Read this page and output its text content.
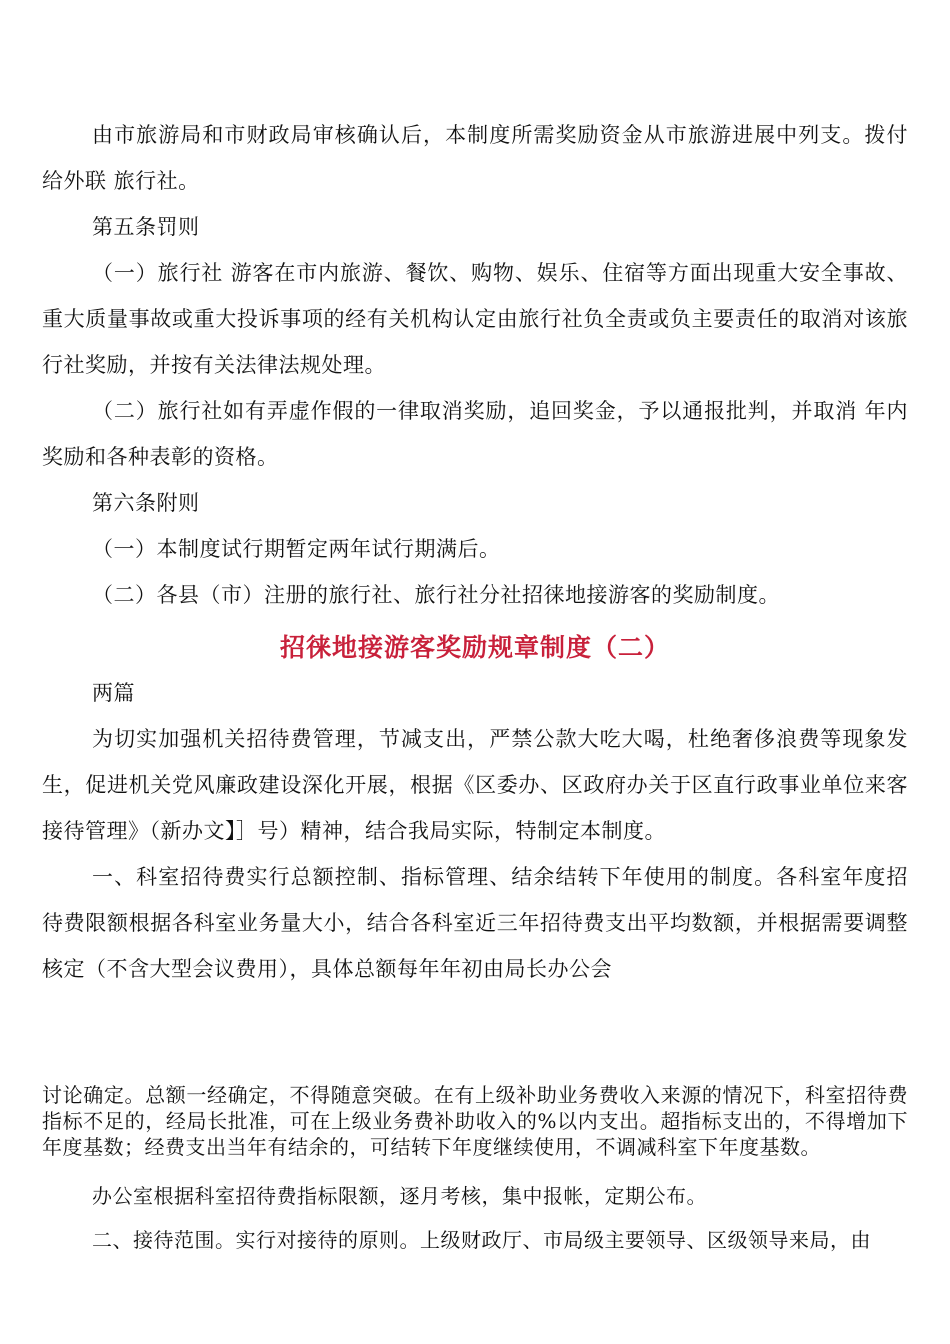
由市旅游局和市财政局审核确认后，本制度所需奖励资金从市旅游进展中列支。拨付给外联 旅行社。

第五条罚则

（一）旅行社 游客在市内旅游、餐饮、购物、娱乐、住宿等方面出现重大安全事故、重大质量事故或重大投诉事项的经有关机构认定由旅行社负全责或负主要责任的取消对该旅行社奖励，并按有关法律法规处理。

（二）旅行社如有弄虚作假的一律取消奖励，追回奖金，予以通报批判，并取消 年内奖励和各种表彰的资格。

第六条附则

（一）本制度试行期暂定两年试行期满后。

（二）各县（市）注册的旅行社、旅行社分社招徕地接游客的奖励制度。

招徕地接游客奖励规章制度（二）

两篇

为切实加强机关招待费管理，节减支出，严禁公款大吃大喝，杜绝奢侈浪费等现象发生，促进机关党风廉政建设深化开展，根据《区委办、区政府办关于区直行政事业单位来客接待管理》（新办文】］号）精神，结合我局实际，特制定本制度。

一、科室招待费实行总额控制、指标管理、结余结转下年使用的制度。各科室年度招待费限额根据各科室业务量大小，结合各科室近三年招待费支出平均数额，并根据需要调整核定（不含大型会议费用），具体总额每年年初由局长办公会

讨论确定。总额一经确定，不得随意突破。在有上级补助业务费收入来源的情况下，科室招待费指标不足的，经局长批准，可在上级业务费补助收入的%以内支出。超指标支出的，不得增加下年度基数；经费支出当年有结余的，可结转下年度继续使用，不调减科室下年度基数。

办公室根据科室招待费指标限额，逐月考核，集中报帐，定期公布。

二、接待范围。实行对接待的原则。上级财政厅、市局级主要领导、区级领导来局，由
